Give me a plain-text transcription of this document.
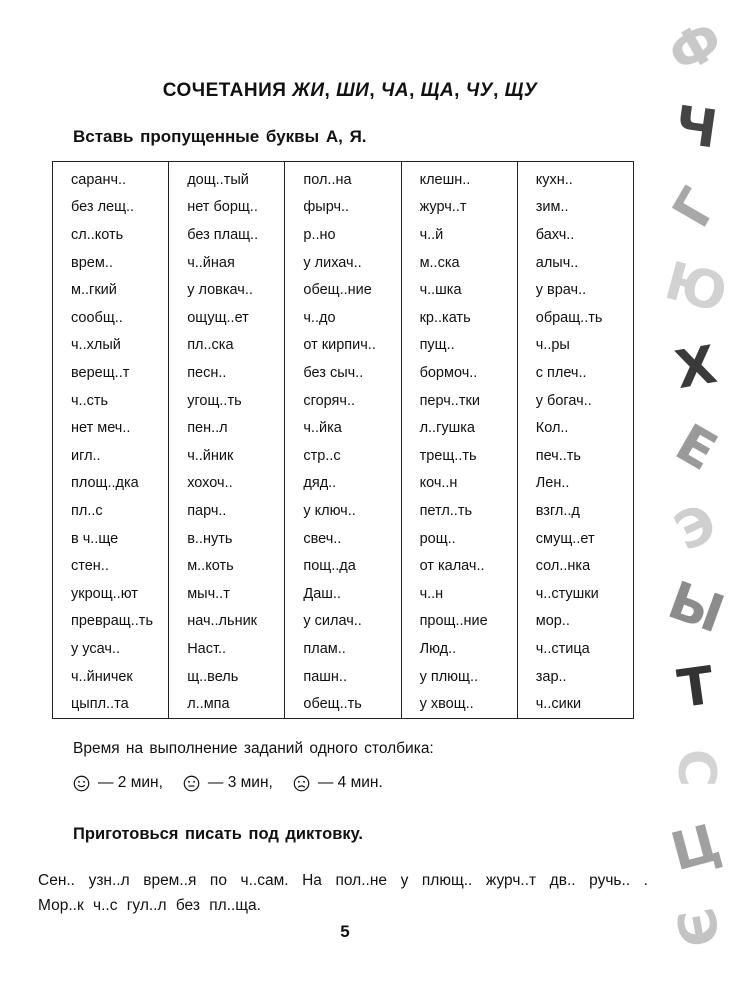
СОЧЕТАНИЯ ЖИ, ШИ, ЧА, ЩА, ЧУ, ЩУ
Вставь пропущенные буквы А, Я.
саранч..	дощ..тый	пол..на	клешн..	кухн..
без лещ..	нет борщ..	фырч..	журч..т	зим..
сл..коть	без плащ..	р..но	ч..й	бахч..
врем..	ч..йная	у лихач..	м..ска	алыч..
м..гкий	у ловкач..	обещ..ние	ч..шка	у врач..
сообщ..	ощущ..ет	ч..до	кр..кать	обращ..ть
ч..хлый	пл..ска	от кирпич..	пущ..	ч..ры
верещ..т	песн..	без сыч..	бормоч..	с плеч..
ч..сть	угощ..ть	сгоряч..	перч..тки	у богач..
нет меч..	пен..л	ч..йка	л..гушка	Кол..
игл..	ч..йник	стр..с	трещ..ть	печ..ть
площ..дка	хохоч..	дяд..	коч..н	Лен..
пл..с	парч..	у ключ..	петл..ть	взгл..д
в ч..ще	в..нуть	свеч..	рощ..	смущ..ет
стен..	м..коть	пощ..да	от калач..	сол..нка
укрощ..ют	мыч..т	Даш..	ч..н	ч..стушки
превращ..ть	нач..льник	у силач..	прощ..ние	мор..
у усач..	Наст..	плам..	Люд..	ч..стица
ч..йничек	щ..вель	пашн..	у плющ..	зар..
цыпл..та	л..мпа	обещ..ть	у хвощ..	ч..сики
Время на выполнение заданий одного столбика:
— 2 мин,	— 3 мин,	— 4 мин.
Приготовься писать под диктовку.
Сен.. узн..л врем..я по ч..сам. На пол..не у плющ.. журч..т дв.. ручь.. . Мор..к ч..с гул..л без пл..ща.
5
Ф
Ч
Г
Ю
Х
Е
Э
Ы
Т
С
Ц
Э
